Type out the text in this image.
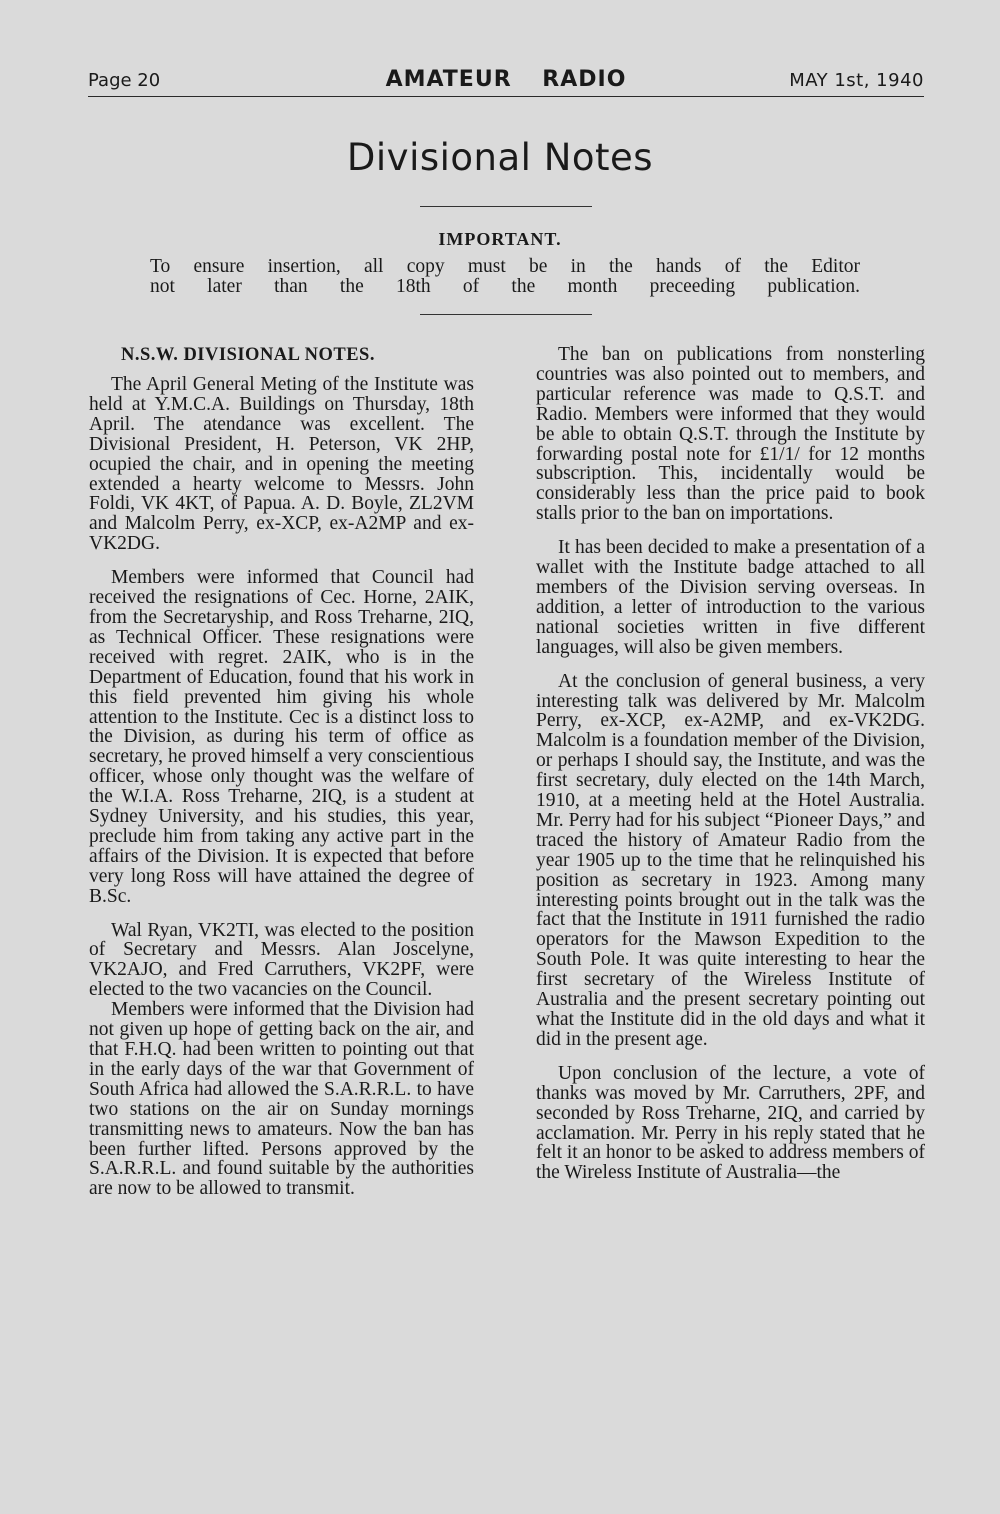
Page 20	AMATEUR RADIO	MAY 1st, 1940
Divisional Notes
IMPORTANT.
To ensure insertion, all copy must be in the hands of the Editor
not later than the 18th of the month preceeding publication.
N.S.W. DIVISIONAL NOTES.

The April General Meting of the Institute was held at Y.M.C.A. Buildings on Thursday, 18th April. The atendance was excellent. The Divisional President, H. Peterson, VK 2HP, ocupied the chair, and in opening the meeting extended a hearty welcome to Messrs. John Foldi, VK 4KT, of Papua. A. D. Boyle, ZL2VM and Malcolm Perry, ex-XCP, ex-A2MP and ex-VK2DG.

Members were informed that Council had received the resignations of Cec. Horne, 2AIK, from the Secretaryship, and Ross Treharne, 2IQ, as Technical Officer. These resignations were received with regret. 2AIK, who is in the Department of Education, found that his work in this field prevented him giving his whole attention to the Institute. Cec is a distinct loss to the Division, as during his term of office as secretary, he proved himself a very conscientious officer, whose only thought was the welfare of the W.I.A. Ross Treharne, 2IQ, is a student at Sydney University, and his studies, this year, preclude him from taking any active part in the affairs of the Division. It is expected that before very long Ross will have attained the degree of B.Sc.

Wal Ryan, VK2TI, was elected to the position of Secretary and Messrs. Alan Joscelyne, VK2AJO, and Fred Carruthers, VK2PF, were elected to the two vacancies on the Council.

Members were informed that the Division had not given up hope of getting back on the air, and that F.H.Q. had been written to pointing out that in the early days of the war that Government of South Africa had allowed the S.A.R.R.L. to have two stations on the air on Sunday mornings transmitting news to amateurs. Now the ban has been further lifted. Persons approved by the S.A.R.R.L. and found suitable by the authorities are now to be allowed to transmit.

The ban on publications from nonsterling countries was also pointed out to members, and particular reference was made to Q.S.T. and Radio. Members were informed that they would be able to obtain Q.S.T. through the Institute by forwarding postal note for £1/1/ for 12 months subscription. This, incidentally would be considerably less than the price paid to book stalls prior to the ban on importations.

It has been decided to make a presentation of a wallet with the Institute badge attached to all members of the Division serving overseas. In addition, a letter of introduction to the various national societies written in five different languages, will also be given members.

At the conclusion of general business, a very interesting talk was delivered by Mr. Malcolm Perry, ex-XCP, ex-A2MP, and ex-VK2DG. Malcolm is a foundation member of the Division, or perhaps I should say, the Institute, and was the first secretary, duly elected on the 14th March, 1910, at a meeting held at the Hotel Australia. Mr. Perry had for his subject “Pioneer Days,” and traced the history of Amateur Radio from the year 1905 up to the time that he relinquished his position as secretary in 1923. Among many interesting points brought out in the talk was the fact that the Institute in 1911 furnished the radio operators for the Mawson Expedition to the South Pole. It was quite interesting to hear the first secretary of the Wireless Institute of Australia and the present secretary pointing out what the Institute did in the old days and what it did in the present age.

Upon conclusion of the lecture, a vote of thanks was moved by Mr. Carruthers, 2PF, and seconded by Ross Treharne, 2IQ, and carried by acclamation. Mr. Perry in his reply stated that he felt it an honor to be asked to address members of the Wireless Institute of Australia—the
